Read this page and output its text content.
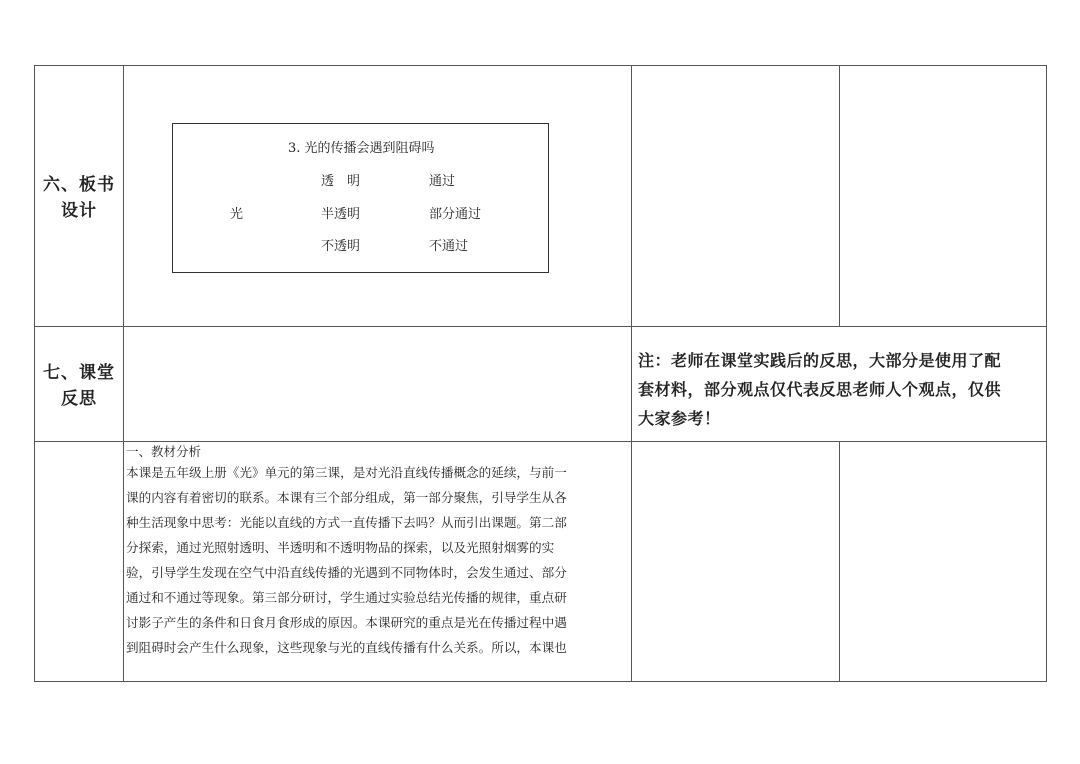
六、板书
设计
3. 光的传播会遇到阻碍吗
光
透　明	通过
半透明	部分通过
不透明	不通过
七、课堂
反思
注：老师在课堂实践后的反思，大部分是使用了配
套材料，部分观点仅代表反思老师人个观点，仅供
大家参考！
一、教材分析
本课是五年级上册《光》单元的第三课，是对光沿直线传播概念的延续，与前一
课的内容有着密切的联系。本课有三个部分组成，第一部分聚焦，引导学生从各
种生活现象中思考：光能以直线的方式一直传播下去吗？从而引出课题。第二部
分探索，通过光照射透明、半透明和不透明物品的探索，以及光照射烟雾的实
验，引导学生发现在空气中沿直线传播的光遇到不同物体时，会发生通过、部分
通过和不通过等现象。第三部分研讨，学生通过实验总结光传播的规律，重点研
讨影子产生的条件和日食月食形成的原因。本课研究的重点是光在传播过程中遇
到阻碍时会产生什么现象，这些现象与光的直线传播有什么关系。所以，本课也
